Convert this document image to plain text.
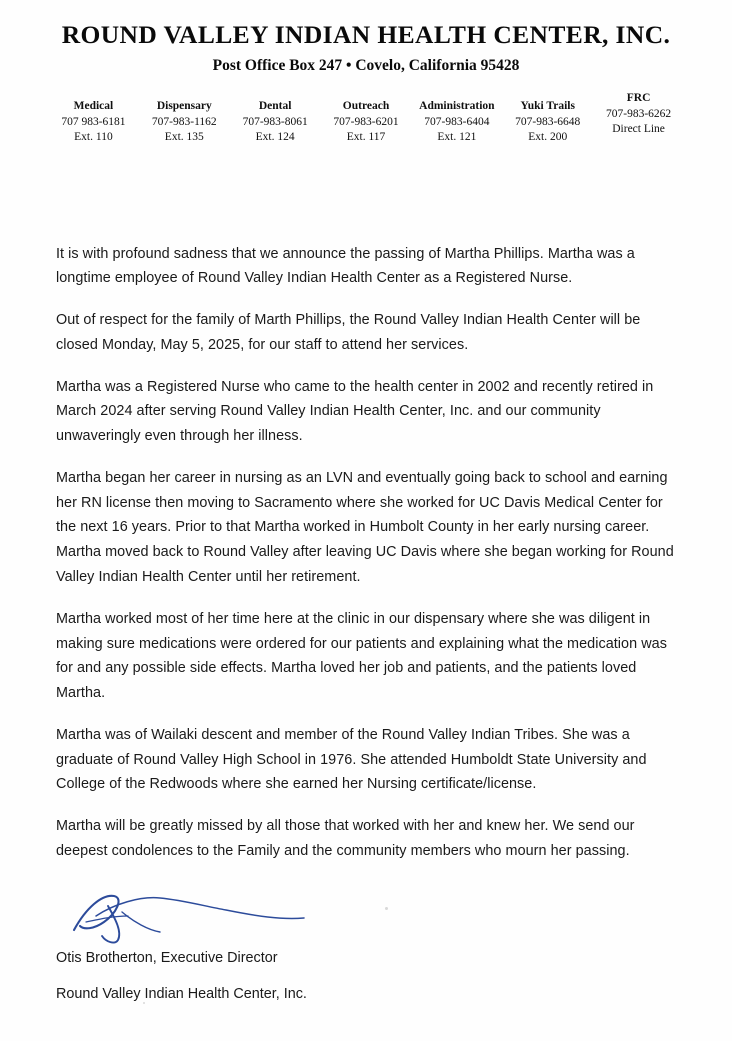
ROUND VALLEY INDIAN HEALTH CENTER, INC.
Post Office Box 247 • Covelo, California 95428
Medical
707 983-6181
Ext. 110
Dispensary
707-983-1162
Ext. 135
Dental
707-983-8061
Ext. 124
Outreach
707-983-6201
Ext. 117
Administration
707-983-6404
Ext. 121
Yuki Trails
707-983-6648
Ext. 200
FRC
707-983-6262
Direct Line

It is with profound sadness that we announce the passing of Martha Phillips. Martha was a longtime employee of Round Valley Indian Health Center as a Registered Nurse.

Out of respect for the family of Marth Phillips, the Round Valley Indian Health Center will be closed Monday, May 5, 2025, for our staff to attend her services.

Martha was a Registered Nurse who came to the health center in 2002 and recently retired in March 2024 after serving Round Valley Indian Health Center, Inc. and our community unwaveringly even through her illness.

Martha began her career in nursing as an LVN and eventually going back to school and earning her RN license then moving to Sacramento where she worked for UC Davis Medical Center for the next 16 years. Prior to that Martha worked in Humbolt County in her early nursing career. Martha moved back to Round Valley after leaving UC Davis where she began working for Round Valley Indian Health Center until her retirement.

Martha worked most of her time here at the clinic in our dispensary where she was diligent in making sure medications were ordered for our patients and explaining what the medication was for and any possible side effects. Martha loved her job and patients, and the patients loved Martha.

Martha was of Wailaki descent and member of the Round Valley Indian Tribes. She was a graduate of Round Valley High School in 1976. She attended Humboldt State University and College of the Redwoods where she earned her Nursing certificate/license.

Martha will be greatly missed by all those that worked with her and knew her. We send our deepest condolences to the Family and the community members who mourn her passing.

Otis Brotherton, Executive Director

Round Valley Indian Health Center, Inc.
